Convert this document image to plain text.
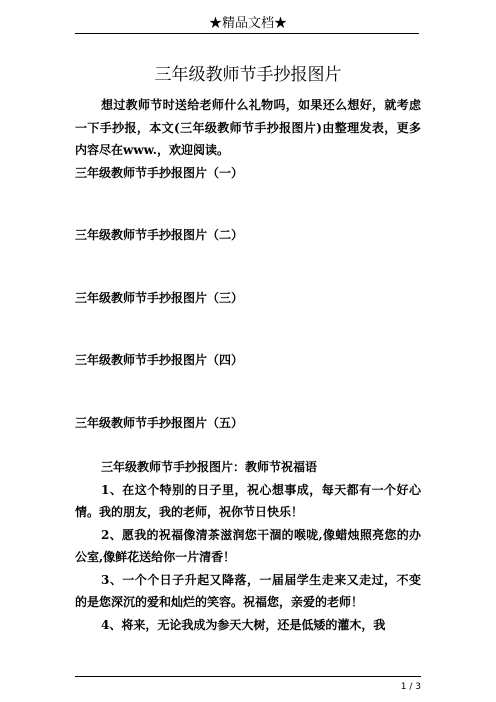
★精品文档★
三年级教师节手抄报图片

想过教师节时送给老师什么礼物吗，如果还么想好，就考虑一下手抄报，本文(三年级教师节手抄报图片)由整理发表，更多内容尽在www.，欢迎阅读。

三年级教师节手抄报图片（一）

三年级教师节手抄报图片（二）

三年级教师节手抄报图片（三）

三年级教师节手抄报图片（四）

三年级教师节手抄报图片（五）

三年级教师节手抄报图片：教师节祝福语

1、在这个特别的日子里，祝心想事成，每天都有一个好心情。我的朋友，我的老师，祝你节日快乐！

2、愿我的祝福像清茶滋润您干涸的喉咙,像蜡烛照亮您的办公室,像鲜花送给你一片清香！

3、一个个日子升起又降落，一届届学生走来又走过，不变的是您深沉的爱和灿烂的笑容。祝福您，亲爱的老师！

4、将来，无论我成为参天大树，还是低矮的灌木，我

1 / 3
